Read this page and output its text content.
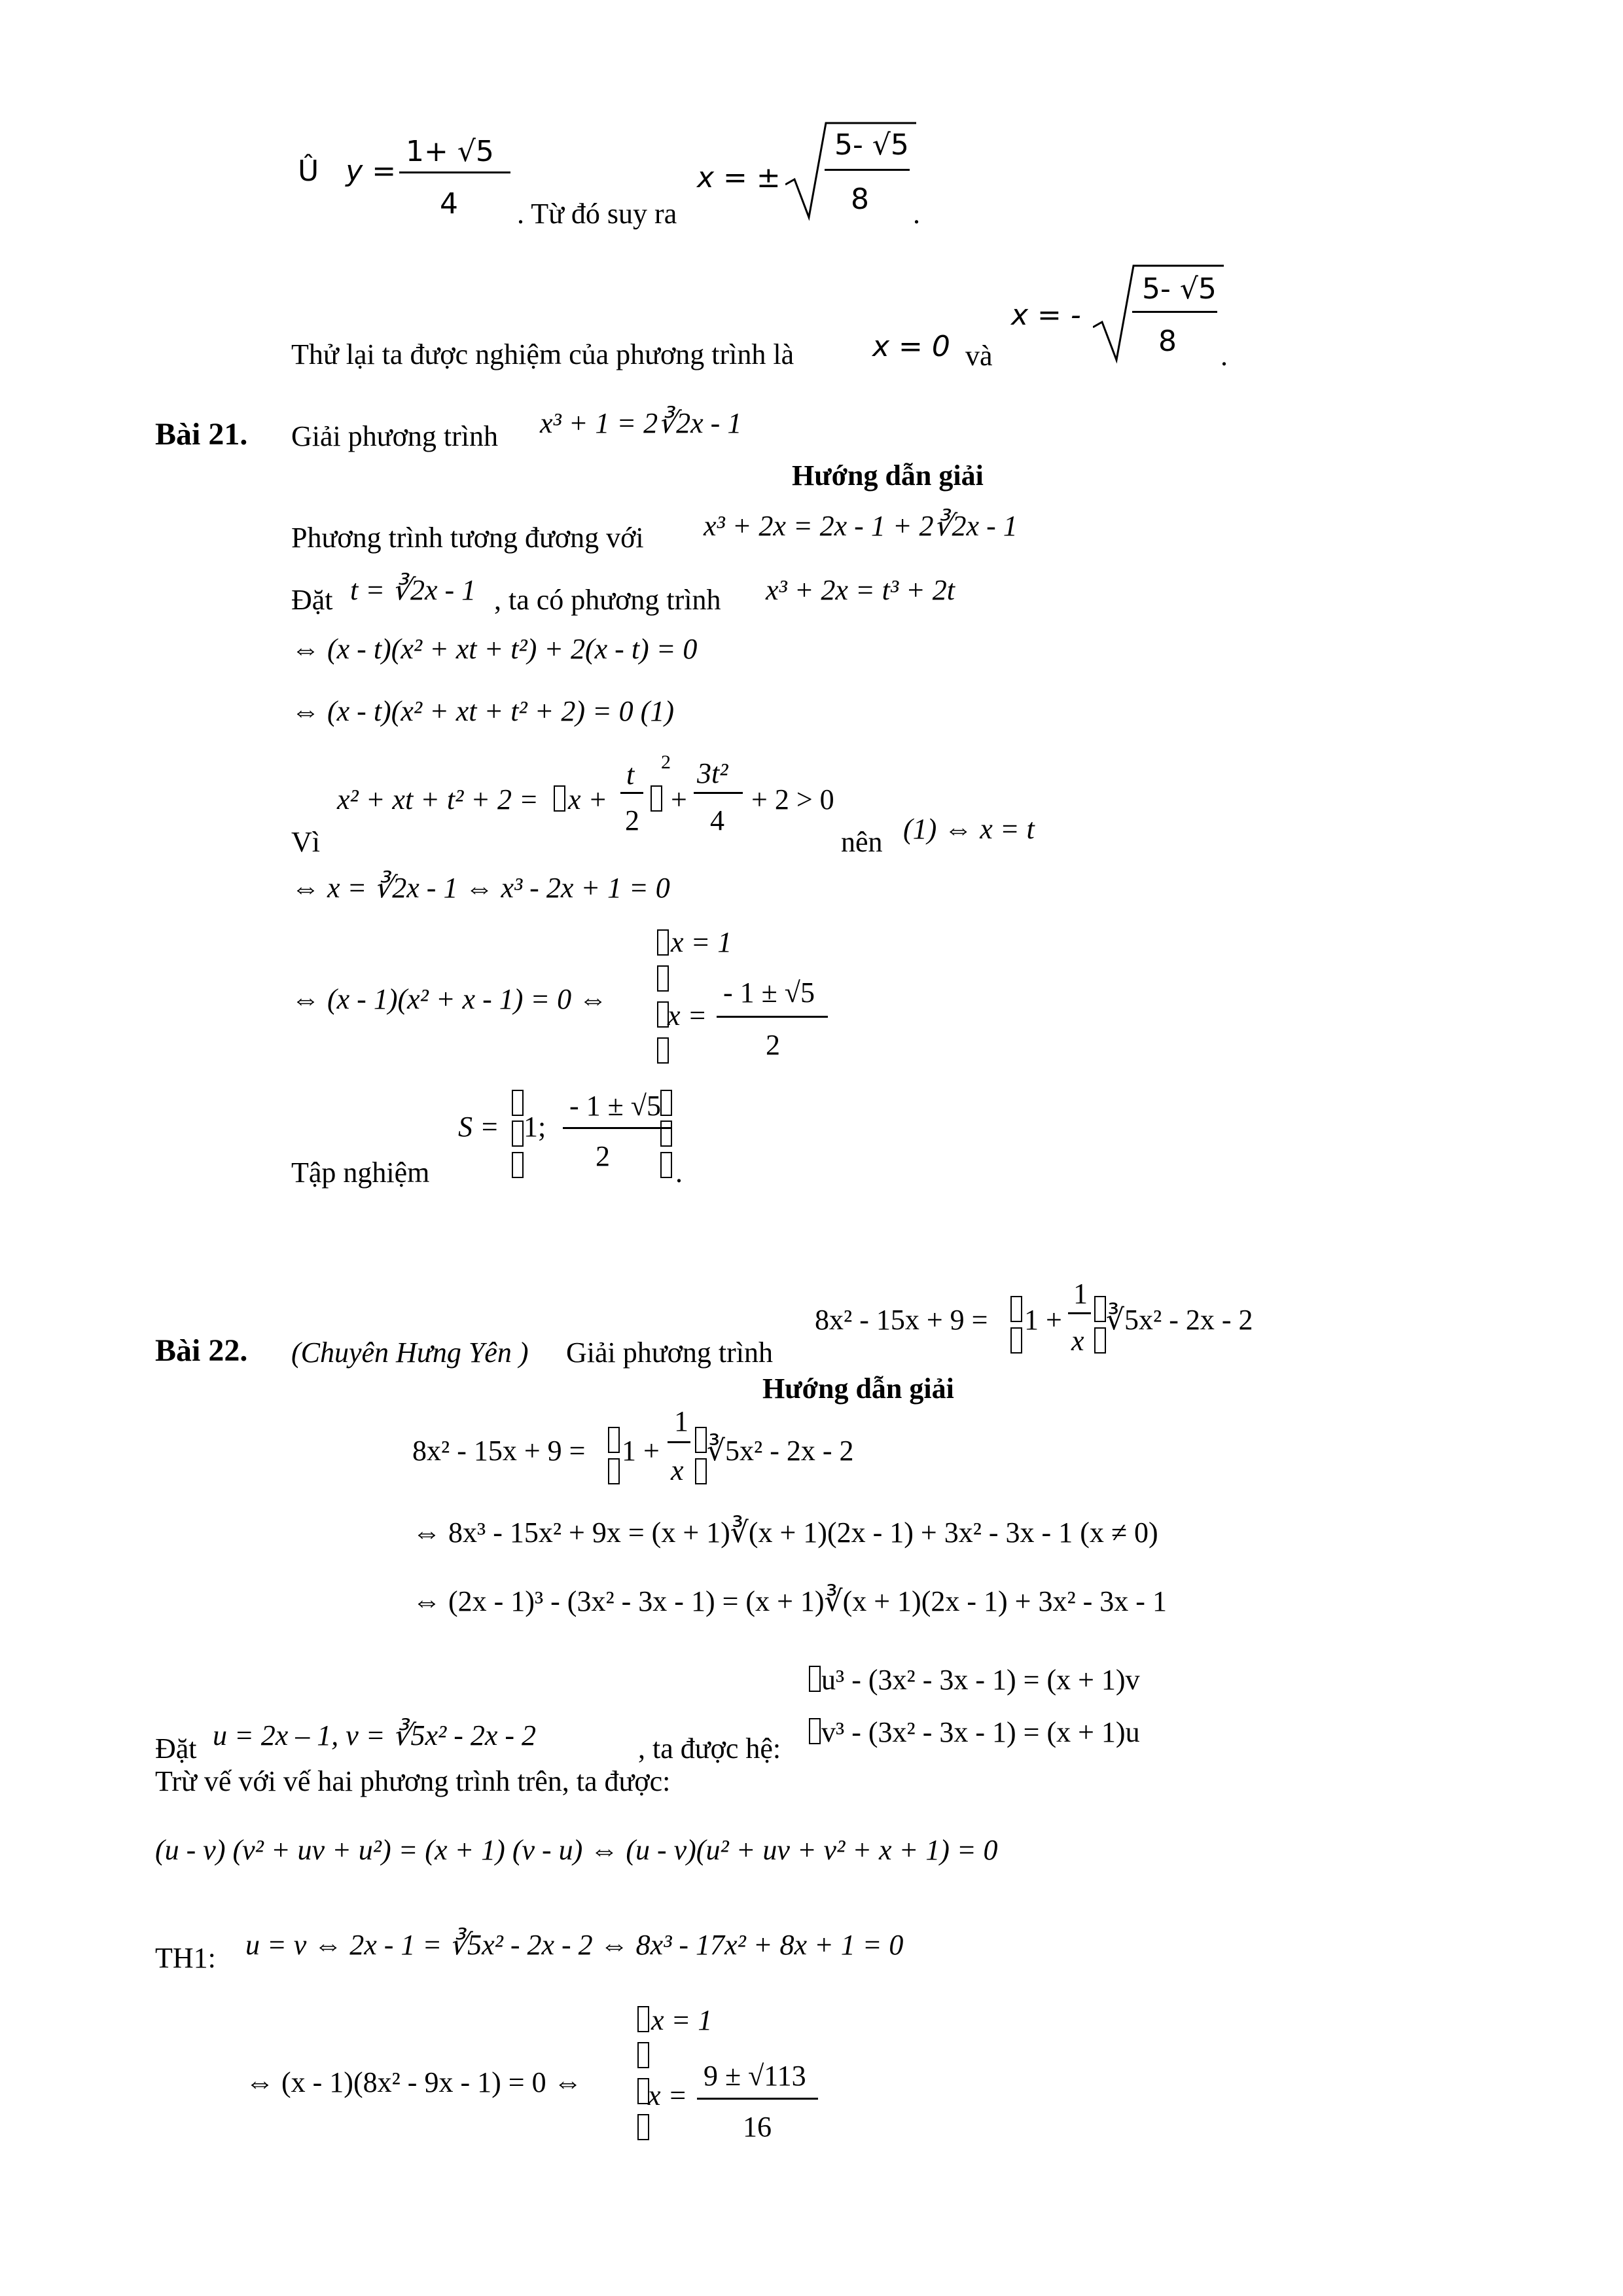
Û y =
1+ √5
4 . Từ đó suy ra
x = ±
5- √5
8 .
Thử lại ta được nghiệm của phương trình là	x = 0 và
x = -
5- √5
8 .
Bài 21. Giải phương trình x³ + 1 = 2∛2x - 1
Hướng dẫn giải
Phương trình tương đương với x³ + 2x = 2x - 1 + 2∛2x - 1
Đặt t = ∛2x - 1 , ta có phương trình x³ + 2x = t³ + 2t
⇔ (x - t)(x² + xt + t²) + 2(x - t) = 0
⇔ (x - t)(x² + xt + t² + 2) = 0 (1)
Vì
x² + xt + t² + 2 = x +
t
2
2
+
3t²
4
+ 2 > 0
nên (1) ⇔ x = t
⇔ x = ∛2x - 1 ⇔ x³ - 2x + 1 = 0
x = 1
⇔ (x - 1)(x² + x - 1) = 0 ⇔
x =
- 1 ± √5
2
Tập nghiệm
S = 1;
- 1 ± √5
2
.
Bài 22. (Chuyên Hưng Yên ) Giải phương trình
8x² - 15x + 9 = 1 +
1
x
∛5x² - 2x - 2
Hướng dẫn giải
8x² - 15x + 9 = 1 +
1
x
∛5x² - 2x - 2
⇔ 8x³ - 15x² + 9x = (x + 1)∛(x + 1)(2x - 1) + 3x² - 3x - 1 (x ≠ 0)
⇔ (2x - 1)³ - (3x² - 3x - 1) = (x + 1)∛(x + 1)(2x - 1) + 3x² - 3x - 1
u³ - (3x² - 3x - 1) = (x + 1)v
Đặt u = 2x – 1, v = ∛5x² - 2x - 2	, ta được hệ:
v³ - (3x² - 3x - 1) = (x + 1)u
Trừ vế với vế hai phương trình trên, ta được:
(u - v) (v² + uv + u²) = (x + 1) (v - u) ⇔ (u - v)(u² + uv + v² + x + 1) = 0
TH1: u = v ⇔ 2x - 1 = ∛5x² - 2x - 2 ⇔ 8x³ - 17x² + 8x + 1 = 0
x = 1
⇔ (x - 1)(8x² - 9x - 1) = 0 ⇔ x =
9 ± √113
16
